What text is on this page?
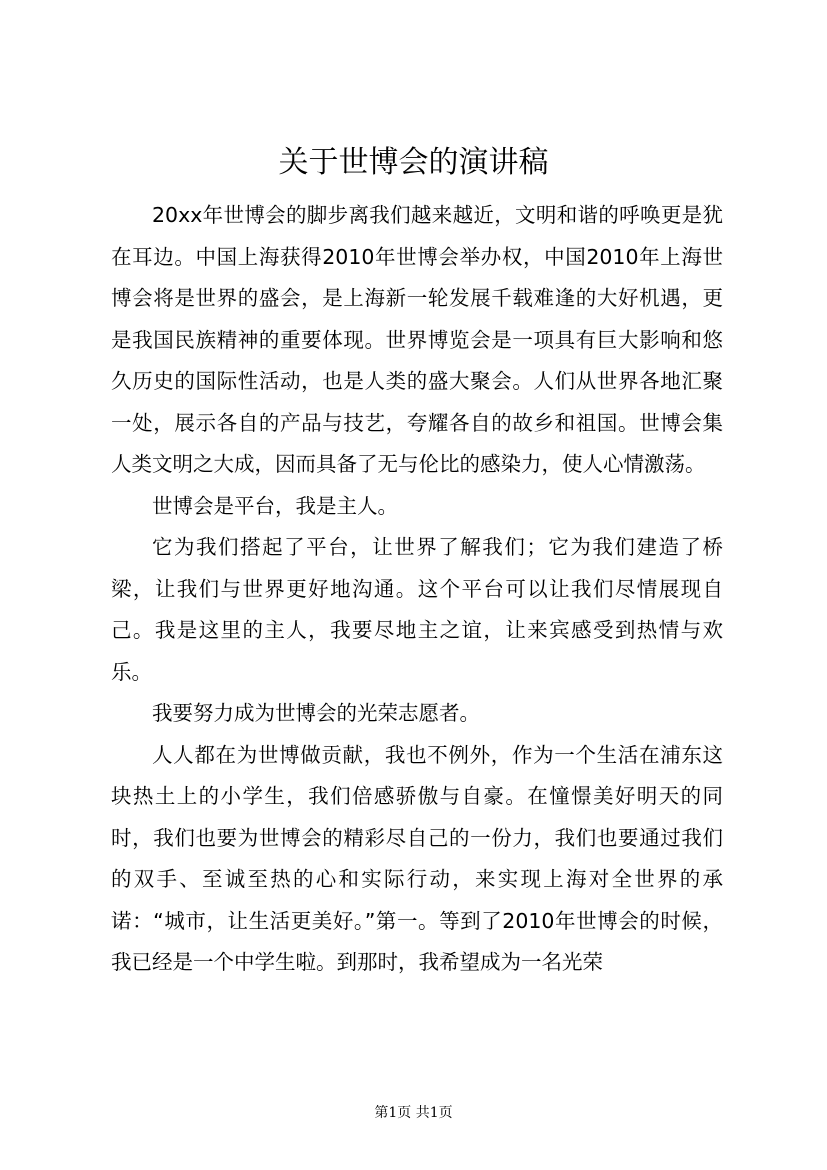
关于世博会的演讲稿

20xx年世博会的脚步离我们越来越近，文明和谐的呼唤更是犹在耳边。中国上海获得2010年世博会举办权，中国2010年上海世博会将是世界的盛会，是上海新一轮发展千载难逢的大好机遇，更是我国民族精神的重要体现。世界博览会是一项具有巨大影响和悠久历史的国际性活动，也是人类的盛大聚会。人们从世界各地汇聚一处，展示各自的产品与技艺，夸耀各自的故乡和祖国。世博会集人类文明之大成，因而具备了无与伦比的感染力，使人心情激荡。

世博会是平台，我是主人。

它为我们搭起了平台，让世界了解我们；它为我们建造了桥梁，让我们与世界更好地沟通。这个平台可以让我们尽情展现自己。我是这里的主人，我要尽地主之谊，让来宾感受到热情与欢乐。

我要努力成为世博会的光荣志愿者。

人人都在为世博做贡献，我也不例外，作为一个生活在浦东这块热土上的小学生，我们倍感骄傲与自豪。在憧憬美好明天的同时，我们也要为世博会的精彩尽自己的一份力，我们也要通过我们的双手、至诚至热的心和实际行动，来实现上海对全世界的承诺：“城市，让生活更美好。”第一。等到了2010年世博会的时候，我已经是一个中学生啦。到那时，我希望成为一名光荣

第1页 共1页
